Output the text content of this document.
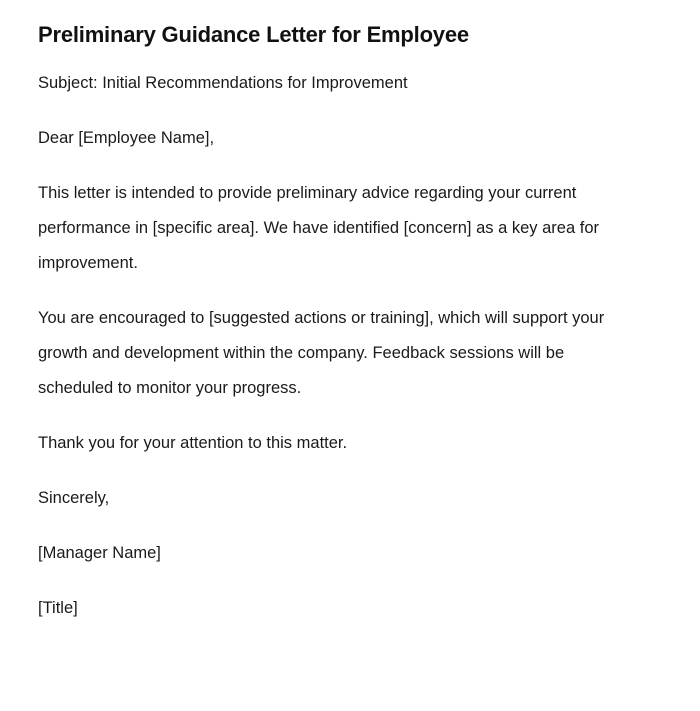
Preliminary Guidance Letter for Employee

Subject: Initial Recommendations for Improvement

Dear [Employee Name],

This letter is intended to provide preliminary advice regarding your current performance in [specific area]. We have identified [concern] as a key area for improvement.

You are encouraged to [suggested actions or training], which will support your growth and development within the company. Feedback sessions will be scheduled to monitor your progress.

Thank you for your attention to this matter.

Sincerely,

[Manager Name]

[Title]
